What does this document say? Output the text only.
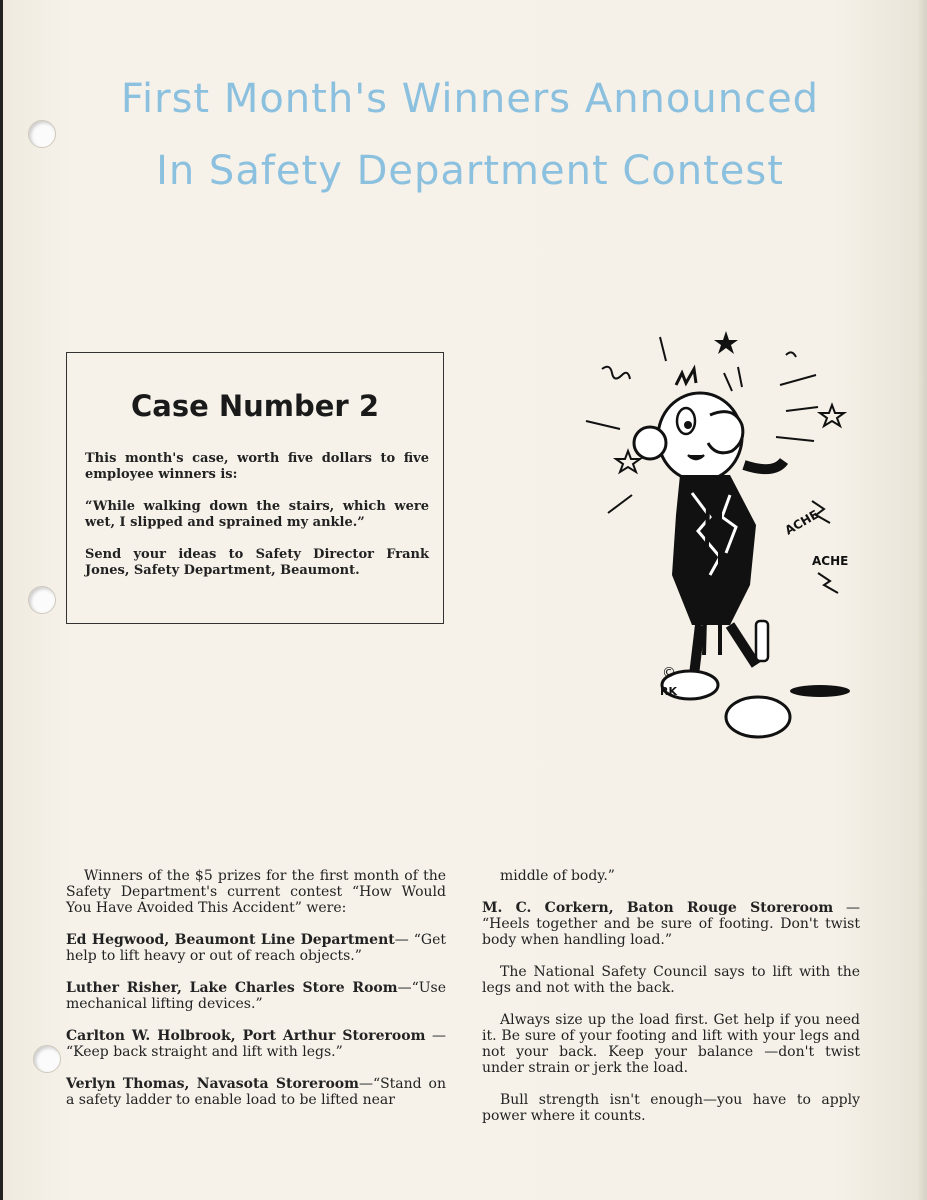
First Month's Winners Announced
In Safety Department Contest
Case Number 2
This month's case, worth five dollars to five employee winners is:
“While walking down the stairs, which were wet, I slipped and sprained my ankle.”
Send your ideas to Safety Director Frank Jones, Safety Department, Beaumont.
ACHE
ACHE
©
RK

Winners of the $5 prizes for the first month of the Safety Department's current contest “How Would You Have Avoided This Accident” were:

Ed Hegwood, Beaumont Line Department— “Get help to lift heavy or out of reach objects.”

Luther Risher, Lake Charles Store Room—“Use mechanical lifting devices.”

Carlton W. Holbrook, Port Arthur Storeroom — “Keep back straight and lift with legs.”

Verlyn Thomas, Navasota Storeroom—“Stand on a safety ladder to enable load to be lifted near

middle of body.”

M. C. Corkern, Baton Rouge Storeroom — “Heels together and be sure of footing. Don't twist body when handling load.”

The National Safety Council says to lift with the legs and not with the back.

Always size up the load first. Get help if you need it. Be sure of your footing and lift with your legs and not your back. Keep your balance —don't twist under strain or jerk the load.

Bull strength isn't enough—you have to apply power where it counts.
